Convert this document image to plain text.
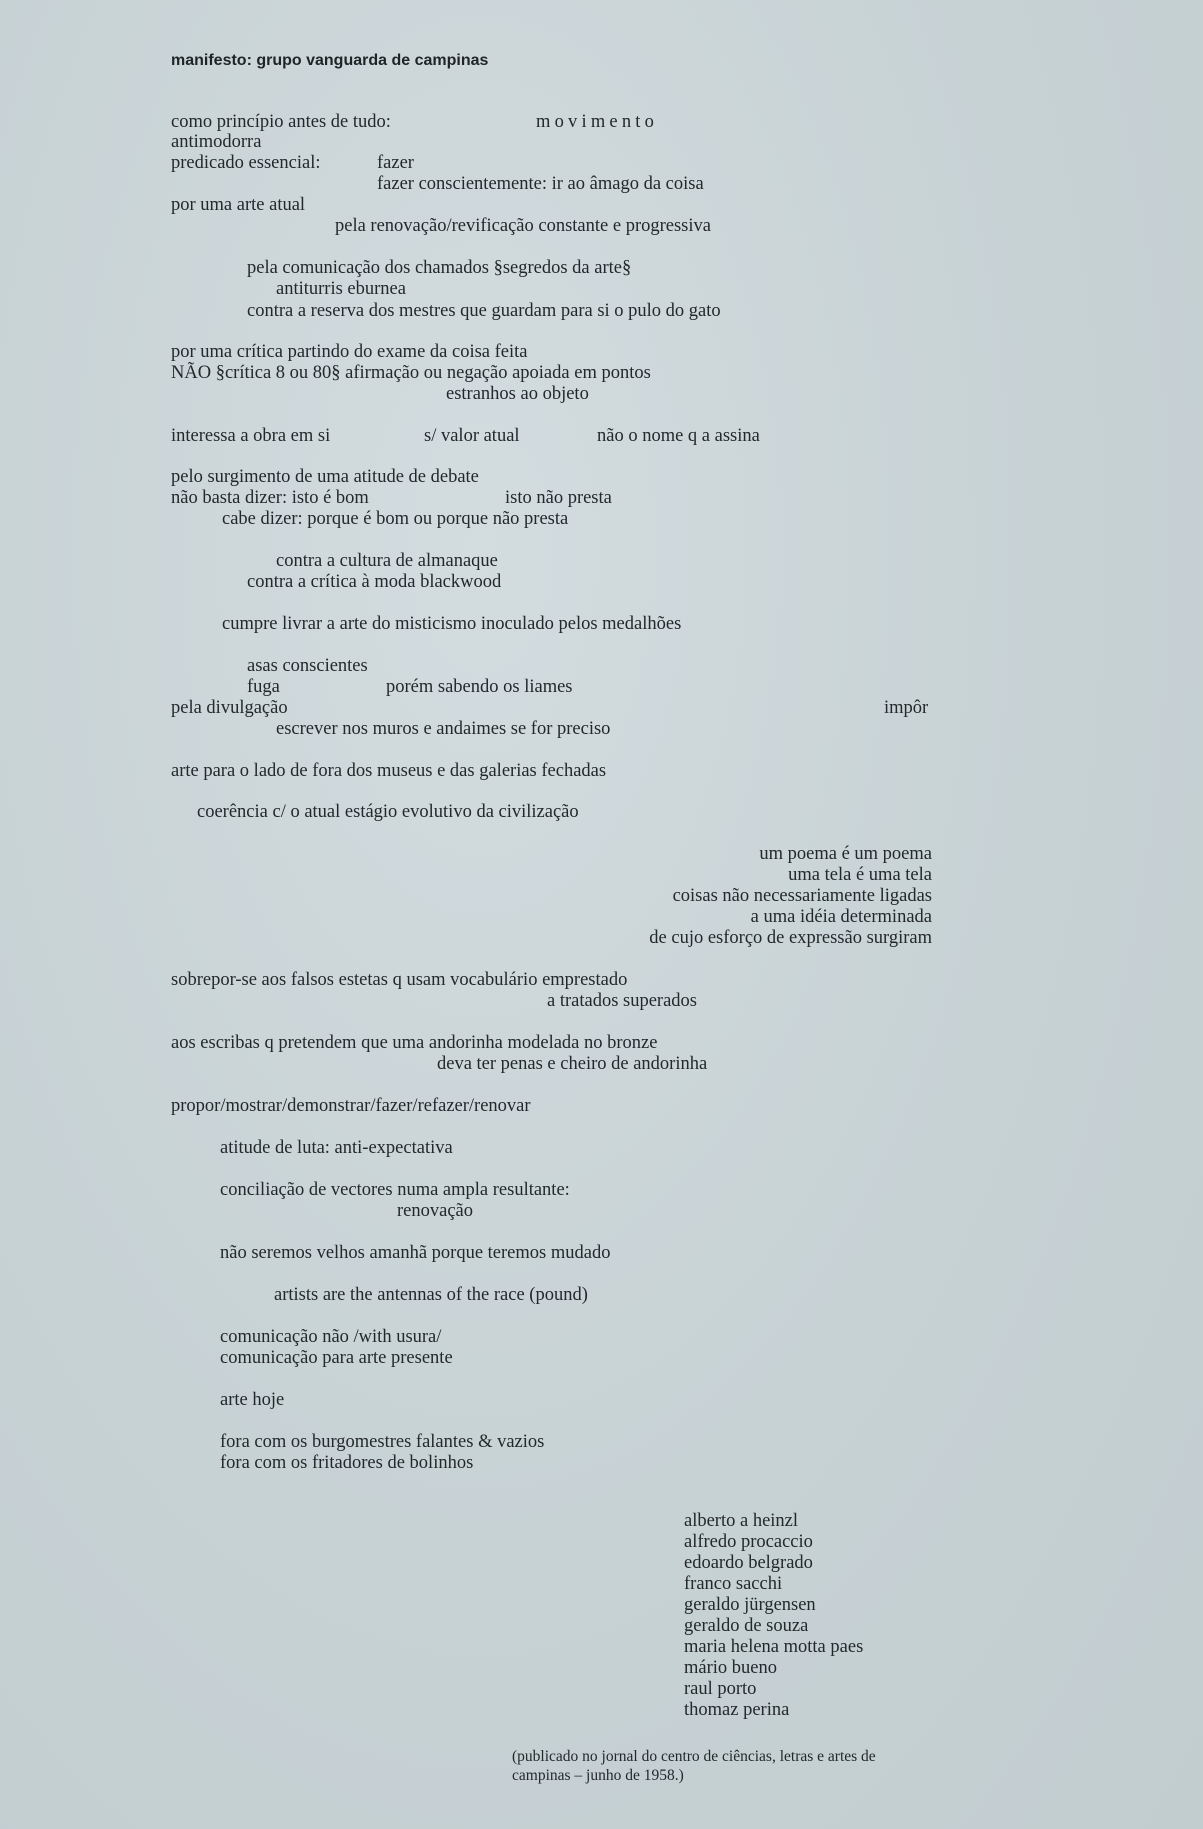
manifesto: grupo vanguarda de campinas

como princípio antes de tudo:	movimento

antimodorra

predicado essencial:	fazer

fazer conscientemente: ir ao âmago da coisa

por uma arte atual

pela renovação/revificação constante e progressiva

pela comunicação dos chamados §segredos da arte§

antiturris eburnea

contra a reserva dos mestres que guardam para si o pulo do gato

por uma crítica partindo do exame da coisa feita

NÃO §crítica 8 ou 80§ afirmação ou negação apoiada em pontos

estranhos ao objeto

interessa a obra em si	s/ valor atual	não o nome q a assina

pelo surgimento de uma atitude de debate

não basta dizer: isto é bom	isto não presta

cabe dizer: porque é bom ou porque não presta

contra a cultura de almanaque

contra a crítica à moda blackwood

cumpre livrar a arte do misticismo inoculado pelos medalhões

asas conscientes

fuga	porém sabendo os liames

pela divulgação	impôr

escrever nos muros e andaimes se for preciso

arte para o lado de fora dos museus e das galerias fechadas

coerência c/ o atual estágio evolutivo da civilização

um poema é um poema

uma tela é uma tela

coisas não necessariamente ligadas

a uma idéia determinada

de cujo esforço de expressão surgiram

sobrepor-se aos falsos estetas q usam vocabulário emprestado

a tratados superados

aos escribas q pretendem que uma andorinha modelada no bronze

deva ter penas e cheiro de andorinha

propor/mostrar/demonstrar/fazer/refazer/renovar

atitude de luta: anti-expectativa

conciliação de vectores numa ampla resultante:

renovação

não seremos velhos amanhã porque teremos mudado

artists are the antennas of the race (pound)

comunicação não /with usura/

comunicação para arte presente

arte hoje

fora com os burgomestres falantes & vazios

fora com os fritadores de bolinhos

alberto a heinzl
alfredo procaccio
edoardo belgrado
franco sacchi
geraldo jürgensen
geraldo de souza
maria helena motta paes
mário bueno
raul porto
thomaz perina

(publicado no jornal do centro de ciências, letras e artes de campinas – junho de 1958.)
